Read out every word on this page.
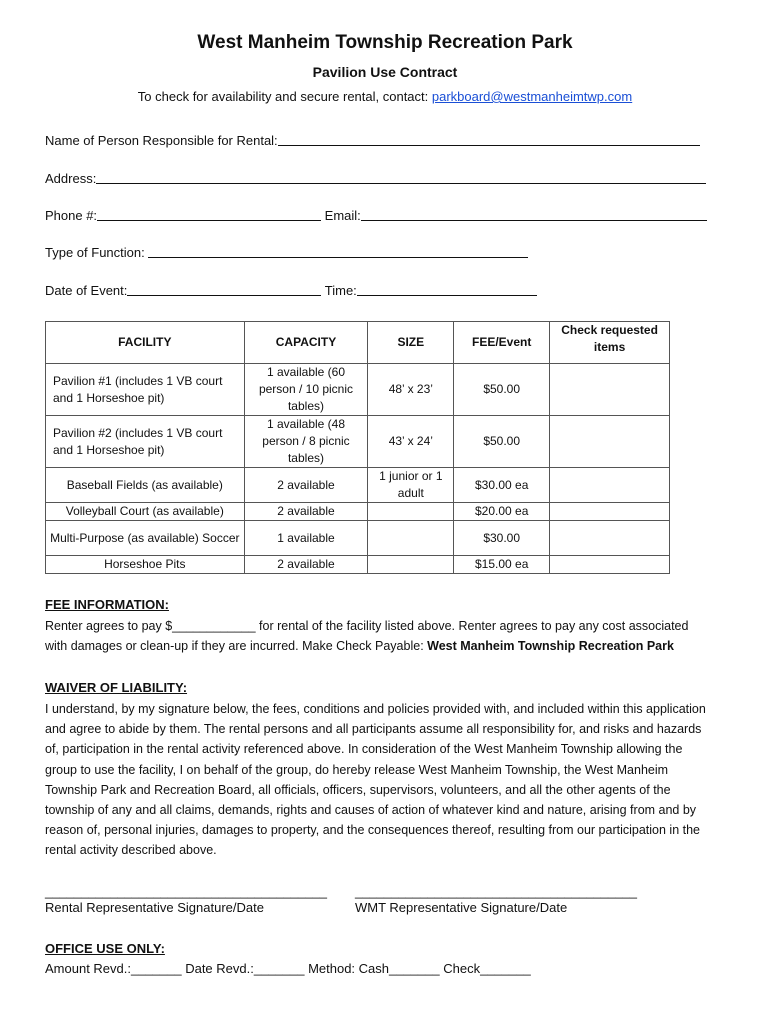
West Manheim Township Recreation Park
Pavilion Use Contract
To check for availability and secure rental, contact: parkboard@westmanheimtwp.com
Name of Person Responsible for Rental:
Address:
Phone #:	Email:
Type of Function:
Date of Event:	Time:
FACILITY	CAPACITY	SIZE	FEE/Event	Check requested items
Pavilion #1 (includes 1 VB court and 1 Horseshoe pit)	1 available (60 person / 10 picnic tables)	48’ x 23’	$50.00	
Pavilion #2 (includes 1 VB court and 1 Horseshoe pit)	1 available (48 person / 8 picnic tables)	43’ x 24’	$50.00	
Baseball Fields (as available)	2 available	1 junior or 1 adult	$30.00 ea	
Volleyball Court (as available)	2 available		$20.00 ea	
Multi-Purpose (as available) Soccer	1 available		$30.00	
Horseshoe Pits	2 available		$15.00 ea	
FEE INFORMATION:
Renter agrees to pay $____________ for rental of the facility listed above. Renter agrees to pay any cost associated
with damages or clean-up if they are incurred. Make Check Payable: West Manheim Township Recreation Park
WAIVER OF LIABILITY:
I understand, by my signature below, the fees, conditions and policies provided with, and included within this application
and agree to abide by them. The rental persons and all participants assume all responsibility for, and risks and hazards
of, participation in the rental activity referenced above. In consideration of the West Manheim Township allowing the
group to use the facility, I on behalf of the group, do hereby release West Manheim Township, the West Manheim
Township Park and Recreation Board, all officials, officers, supervisors, volunteers, and all the other agents of the
township of any and all claims, demands, rights and causes of action of whatever kind and nature, arising from and by
reason of, personal injuries, damages to property, and the consequences thereof, resulting from our participation in the
rental activity described above.
_______________________________________ _______________________________________
Rental Representative Signature/Date	WMT Representative Signature/Date
OFFICE USE ONLY:
Amount Revd.:_______ Date Revd.:_______ Method: Cash_______ Check_______
